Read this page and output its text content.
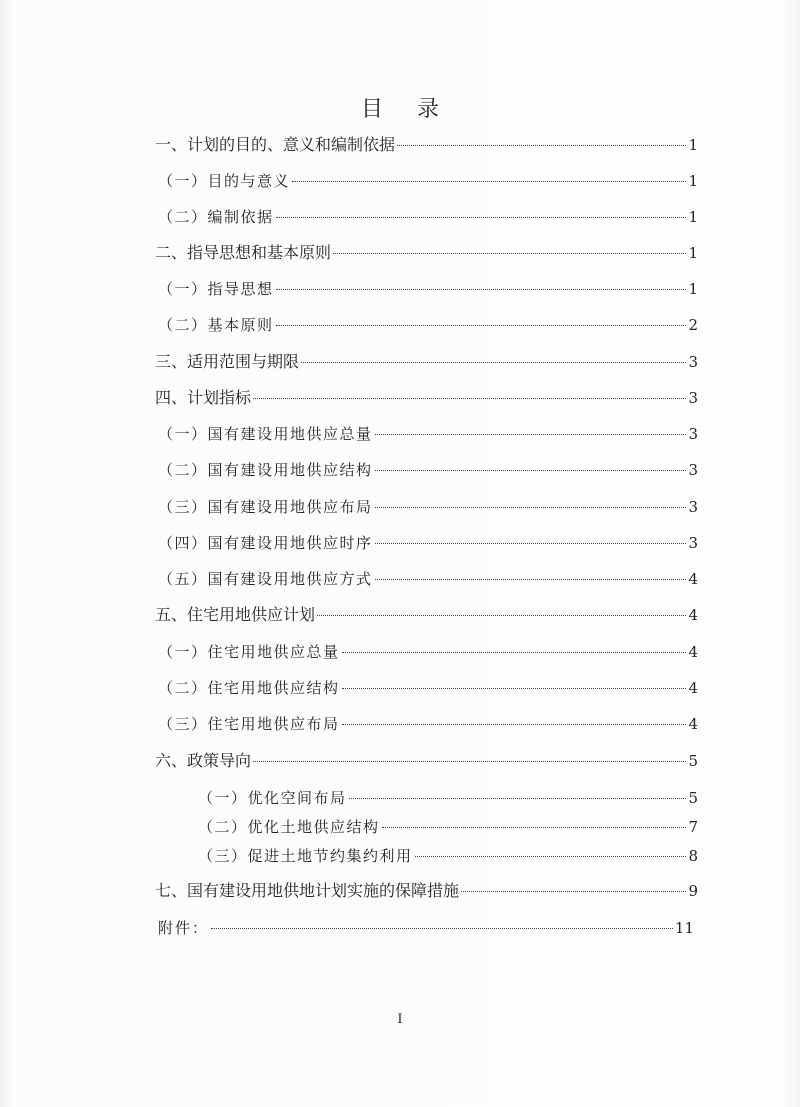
目录
一、计划的目的、意义和编制依据	1
（一）目的与意义	1
（二）编制依据	1
二、指导思想和基本原则	1
（一）指导思想	1
（二）基本原则	2
三、适用范围与期限	3
四、计划指标	3
（一）国有建设用地供应总量	3
（二）国有建设用地供应结构	3
（三）国有建设用地供应布局	3
（四）国有建设用地供应时序	3
（五）国有建设用地供应方式	4
五、住宅用地供应计划	4
（一）住宅用地供应总量	4
（二）住宅用地供应结构	4
（三）住宅用地供应布局	4
六、政策导向	5
（一）优化空间布局	5
（二）优化土地供应结构	7
（三）促进土地节约集约利用	8
七、国有建设用地供地计划实施的保障措施	9
附件：	11
I
